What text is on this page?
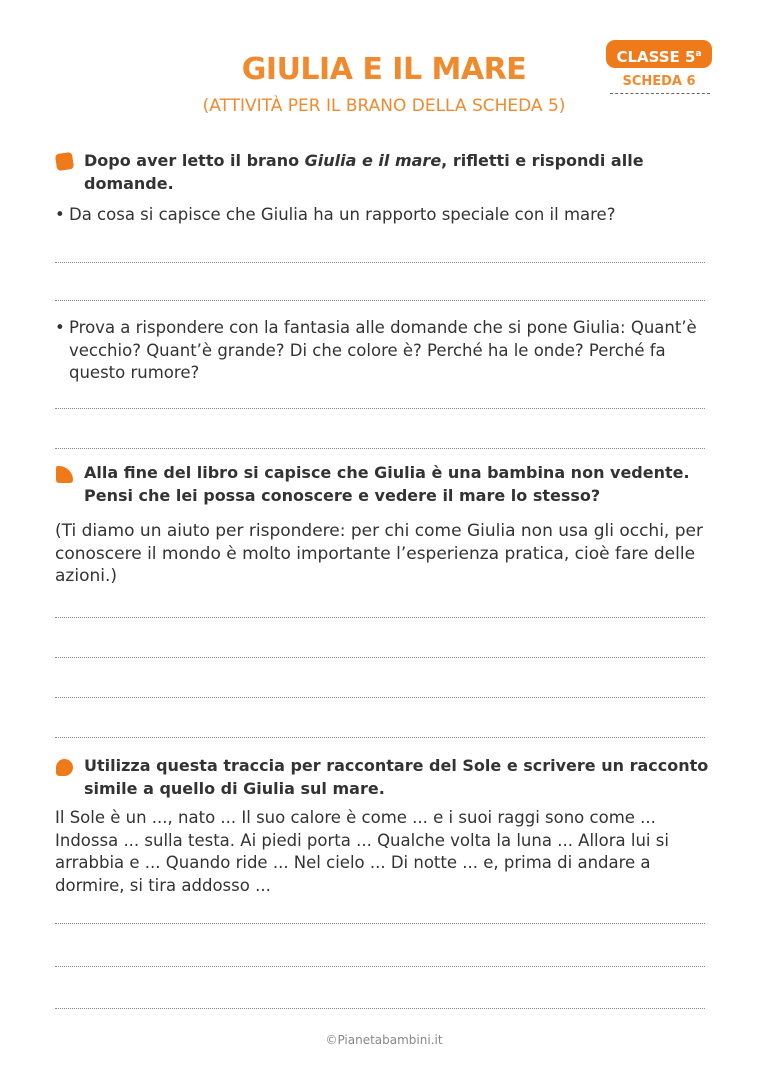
GIULIA E IL MARE
(ATTIVITÀ PER IL BRANO DELLA SCHEDA 5)
CLASSE 5$^a$
SCHEDA 6
Dopo aver letto il brano Giulia e il mare, rifletti e rispondi alle domande.
• Da cosa si capisce che Giulia ha un rapporto speciale con il mare?
• Prova a rispondere con la fantasia alle domande che si pone Giulia: Quant’è vecchio? Quant’è grande? Di che colore è? Perché ha le onde? Perché fa questo rumore?
Alla fine del libro si capisce che Giulia è una bambina non vedente. Pensi che lei possa conoscere e vedere il mare lo stesso?
(Ti diamo un aiuto per rispondere: per chi come Giulia non usa gli occhi, per conoscere il mondo è molto importante l’esperienza pratica, cioè fare delle azioni.)
Utilizza questa traccia per raccontare del Sole e scrivere un racconto simile a quello di Giulia sul mare.
Il Sole è un ..., nato ... Il suo calore è come ... e i suoi raggi sono come ... Indossa ... sulla testa. Ai piedi porta ... Qualche volta la luna ... Allora lui si arrabbia e ... Quando ride ... Nel cielo ... Di notte ... e, prima di andare a dormire, si tira addosso ...
©Pianetabambini.it
